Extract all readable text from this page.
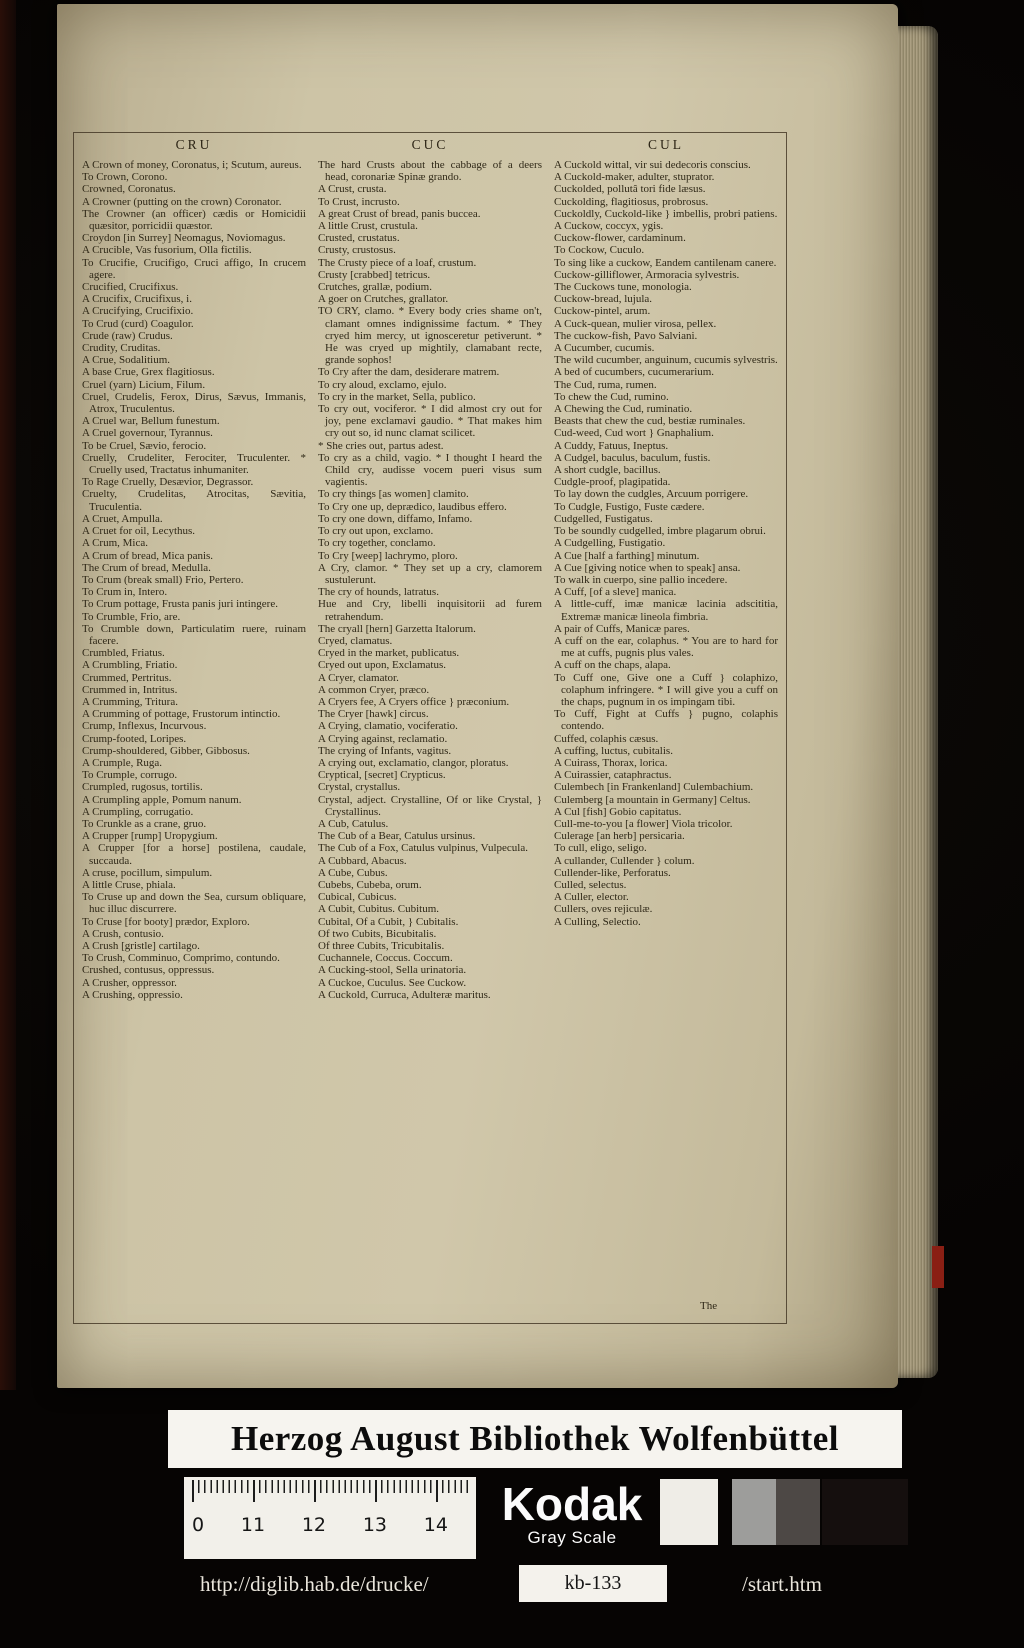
CRU

A Crown of money, Coronatus, i; Scutum, aureus.

To Crown, Corono.

Crowned, Coronatus.

A Crowner (putting on the crown) Coronator.

The Crowner (an officer) cædis or Homicidii quæsitor, porricidii quæstor.

Croydon [in Surrey] Neomagus, Noviomagus.

A Crucible, Vas fusorium, Olla fictilis.

To Crucifie, Crucifigo, Cruci affigo, In crucem agere.

Crucified, Crucifixus.

A Crucifix, Crucifixus, i.

A Crucifying, Crucifixio.

To Crud (curd) Coagulor.

Crude (raw) Crudus.

Crudity, Cruditas.

A Crue, Sodalitium.

A base Crue, Grex flagitiosus.

Cruel (yarn) Licium, Filum.

Cruel, Crudelis, Ferox, Dirus, Sævus, Immanis, Atrox, Truculentus.

A Cruel war, Bellum funestum.

A Cruel governour, Tyrannus.

To be Cruel, Sævio, ferocio.

Cruelly, Crudeliter, Ferociter, Truculenter. * Cruelly used, Tractatus inhumaniter.

To Rage Cruelly, Desævior, Degrassor.

Cruelty, Crudelitas, Atrocitas, Sævitia, Truculentia.

A Cruet, Ampulla.

A Cruet for oil, Lecythus.

A Crum, Mica.

A Crum of bread, Mica panis.

The Crum of bread, Medulla.

To Crum (break small) Frio, Pertero.

To Crum in, Intero.

To Crum pottage, Frusta panis juri intingere.

To Crumble, Frio, are.

To Crumble down, Particulatim ruere, ruinam facere.

Crumbled, Friatus.

A Crumbling, Friatio.

Crummed, Pertritus.

Crummed in, Intritus.

A Crumming, Tritura.

A Crumming of pottage, Frustorum intinctio.

Crump, Inflexus, Incurvous.

Crump-footed, Loripes.

Crump-shouldered, Gibber, Gibbosus.

A Crumple, Ruga.

To Crumple, corrugo.

Crumpled, rugosus, tortilis.

A Crumpling apple, Pomum nanum.

A Crumpling, corrugatio.

To Crunkle as a crane, gruo.

A Crupper [rump] Uropygium.

A Crupper [for a horse] postilena, caudale, succauda.

A cruse, pocillum, simpulum.

A little Cruse, phiala.

To Cruse up and down the Sea, cursum obliquare, huc illuc discurrere.

To Cruse [for booty] prædor, Exploro.

A Crush, contusio.

A Crush [gristle] cartilago.

To Crush, Comminuo, Comprimo, contundo.

Crushed, contusus, oppressus.

A Crusher, oppressor.

A Crushing, oppressio.

CUC

The hard Crusts about the cabbage of a deers head, coronariæ Spinæ grando.

A Crust, crusta.

To Crust, incrusto.

A great Crust of bread, panis buccea.

A little Crust, crustula.

Crusted, crustatus.

Crusty, crustosus.

The Crusty piece of a loaf, crustum.

Crusty [crabbed] tetricus.

Crutches, grallæ, podium.

A goer on Crutches, grallator.

TO CRY, clamo. * Every body cries shame on't, clamant omnes indignissime factum. * They cryed him mercy, ut ignosceretur petiverunt. * He was cryed up mightily, clamabant recte, grande sophos!

To Cry after the dam, desiderare matrem.

To cry aloud, exclamo, ejulo.

To cry in the market, Sella, publico.

To cry out, vociferor. * I did almost cry out for joy, pene exclamavi gaudio. * That makes him cry out so, id nunc clamat scilicet.

* She cries out, partus adest.

To cry as a child, vagio. * I thought I heard the Child cry, audisse vocem pueri visus sum vagientis.

To cry things [as women] clamito.

To Cry one up, deprædico, laudibus effero.

To cry one down, diffamo, Infamo.

To cry out upon, exclamo.

To cry together, conclamo.

To Cry [weep] lachrymo, ploro.

A Cry, clamor. * They set up a cry, clamorem sustulerunt.

The cry of hounds, latratus.

Hue and Cry, libelli inquisitorii ad furem retrahendum.

The cryall [hern] Garzetta Italorum.

Cryed, clamatus.

Cryed in the market, publicatus.

Cryed out upon, Exclamatus.

A Cryer, clamator.

A common Cryer, præco.

A Cryers fee, A Cryers office } præconium.

The Cryer [hawk] circus.

A Crying, clamatio, vociferatio.

A Crying against, reclamatio.

The crying of Infants, vagitus.

A crying out, exclamatio, clangor, ploratus.

Cryptical, [secret] Crypticus.

Crystal, crystallus.

Crystal, adject. Crystalline, Of or like Crystal, } Crystallinus.

A Cub, Catulus.

The Cub of a Bear, Catulus ursinus.

The Cub of a Fox, Catulus vulpinus, Vulpecula.

A Cubbard, Abacus.

A Cube, Cubus.

Cubebs, Cubeba, orum.

Cubical, Cubicus.

A Cubit, Cubitus. Cubitum.

Cubital, Of a Cubit, } Cubitalis.

Of two Cubits, Bicubitalis.

Of three Cubits, Tricubitalis.

Cuchannele, Coccus. Coccum.

A Cucking-stool, Sella urinatoria.

A Cuckoe, Cuculus. See Cuckow.

A Cuckold, Curruca, Adulteræ maritus.

CUL

A Cuckold wittal, vir sui dedecoris conscius.

A Cuckold-maker, adulter, stuprator.

Cuckolded, pollutâ tori fide læsus.

Cuckolding, flagitiosus, probrosus.

Cuckoldly, Cuckold-like } imbellis, probri patiens.

A Cuckow, coccyx, ygis.

Cuckow-flower, cardaminum.

To Cockow, Cuculo.

To sing like a cuckow, Eandem cantilenam canere.

Cuckow-gilliflower, Armoracia sylvestris.

The Cuckows tune, monologia.

Cuckow-bread, lujula.

Cuckow-pintel, arum.

A Cuck-quean, mulier virosa, pellex.

The cuckow-fish, Pavo Salviani.

A Cucumber, cucumis.

The wild cucumber, anguinum, cucumis sylvestris.

A bed of cucumbers, cucumerarium.

The Cud, ruma, rumen.

To chew the Cud, rumino.

A Chewing the Cud, ruminatio.

Beasts that chew the cud, bestiæ ruminales.

Cud-weed, Cud wort } Gnaphalium.

A Cuddy, Fatuus, Ineptus.

A Cudgel, baculus, baculum, fustis.

A short cudgle, bacillus.

Cudgle-proof, plagipatida.

To lay down the cudgles, Arcuum porrigere.

To Cudgle, Fustigo, Fuste cædere.

Cudgelled, Fustigatus.

To be soundly cudgelled, imbre plagarum obrui.

A Cudgelling, Fustigatio.

A Cue [half a farthing] minutum.

A Cue [giving notice when to speak] ansa.

To walk in cuerpo, sine pallio incedere.

A Cuff, [of a sleve] manica.

A little-cuff, imæ manicæ lacinia adscititia, Extremæ manicæ lineola fimbria.

A pair of Cuffs, Manicæ pares.

A cuff on the ear, colaphus. * You are to hard for me at cuffs, pugnis plus vales.

A cuff on the chaps, alapa.

To Cuff one, Give one a Cuff } colaphizo, colaphum infringere. * I will give you a cuff on the chaps, pugnum in os impingam tibi.

To Cuff, Fight at Cuffs } pugno, colaphis contendo.

Cuffed, colaphis cæsus.

A cuffing, luctus, cubitalis.

A Cuirass, Thorax, lorica.

A Cuirassier, cataphractus.

Culembech [in Frankenland] Culembachium.

Culemberg [a mountain in Germany] Celtus.

A Cul [fish] Gobio capitatus.

Cull-me-to-you [a flower] Viola tricolor.

Culerage [an herb] persicaria.

To cull, eligo, seligo.

A cullander, Cullender } colum.

Cullender-like, Perforatus.

Culled, selectus.

A Culler, elector.

Cullers, oves rejiculæ.

A Culling, Selectio.

The
Herzog August Bibliothek Wolfenbüttel
0 11 12 13 14	Kodak
Gray Scale
http://diglib.hab.de/drucke/	kb-133	/start.htm
